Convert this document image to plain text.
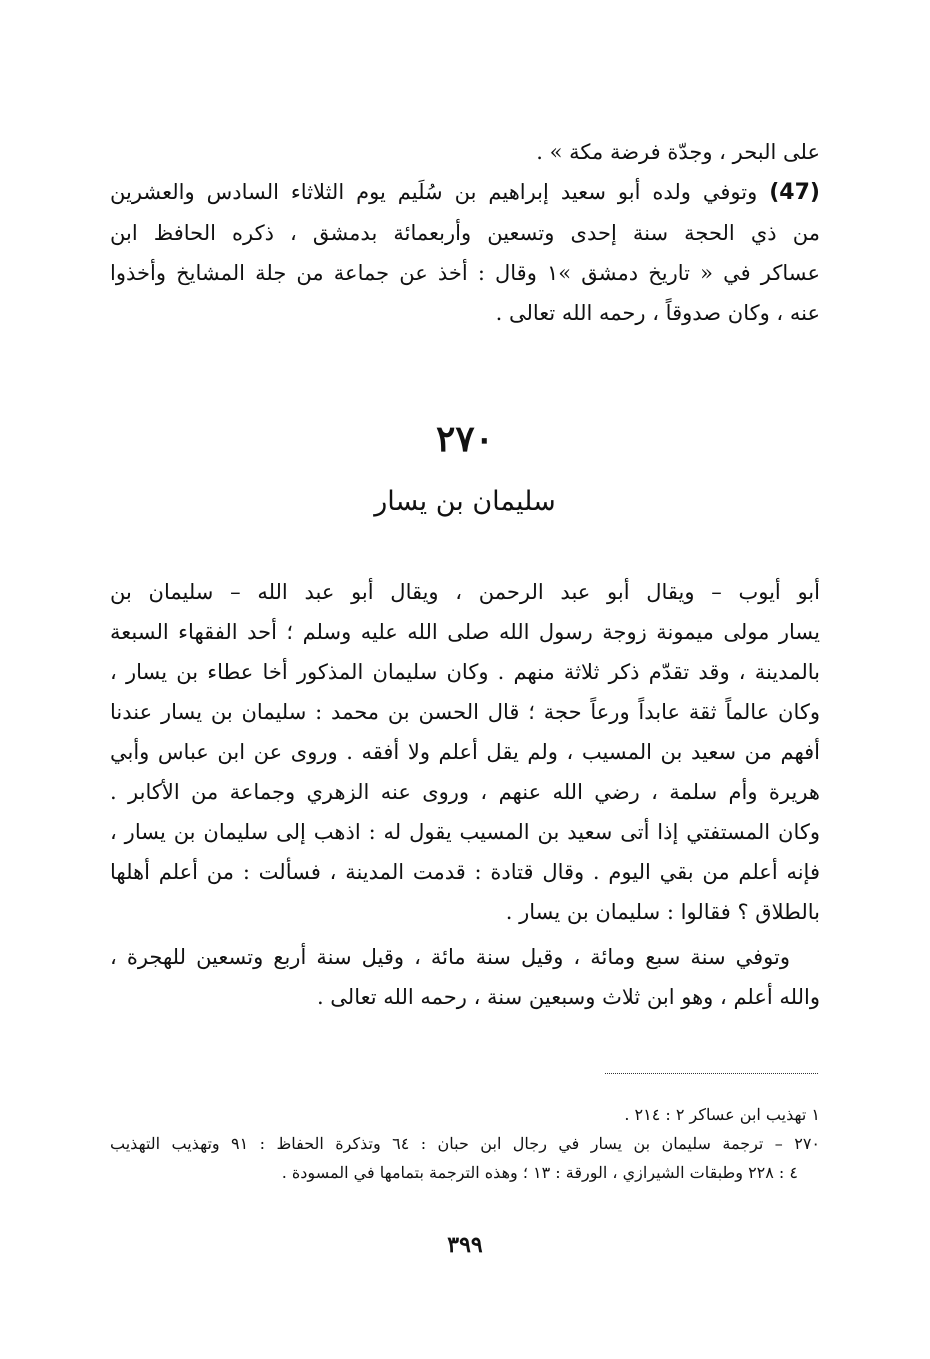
على البحر ، وجدّة فرضة مكة » .
(47) وتوفي ولده أبو سعيد إبراهيم بن سُلَيم يوم الثلاثاء السادس والعشرين
من ذي الحجة سنة إحدى وتسعين وأربعمائة بدمشق ، ذكره الحافظ ابن
عساكر في « تاريخ دمشق »١ وقال : أخذ عن جماعة من جلة المشايخ وأخذوا
عنه ، وكان صدوقاً ، رحمه الله تعالى .
٢٧٠
سليمان بن يسار
أبو أيوب – ويقال أبو عبد الرحمن ، ويقال أبو عبد الله – سليمان بن
يسار مولى ميمونة زوجة رسول الله صلى الله عليه وسلم ؛ أحد الفقهاء السبعة
بالمدينة ، وقد تقدّم ذكر ثلاثة منهم . وكان سليمان المذكور أخا عطاء بن يسار ،
وكان عالماً ثقة عابداً ورعاً حجة ؛ قال الحسن بن محمد : سليمان بن يسار عندنا
أفهم من سعيد بن المسيب ، ولم يقل أعلم ولا أفقه . وروى عن ابن عباس وأبي
هريرة وأم سلمة ، رضي الله عنهم ، وروى عنه الزهري وجماعة من الأكابر .
وكان المستفتي إذا أتى سعيد بن المسيب يقول له : اذهب إلى سليمان بن يسار ،
فإنه أعلم من بقي اليوم . وقال قتادة : قدمت المدينة ، فسألت : من أعلم أهلها
بالطلاق ؟ فقالوا : سليمان بن يسار .
وتوفي سنة سبع ومائة ، وقيل سنة مائة ، وقيل سنة أربع وتسعين للهجرة ،
والله أعلم ، وهو ابن ثلاث وسبعين سنة ، رحمه الله تعالى .
١ تهذيب ابن عساكر ٢ : ٢١٤ .
٢٧٠ – ترجمة سليمان بن يسار في رجال ابن حبان : ٦٤ وتذكرة الحفاظ : ٩١ وتهذيب التهذيب
٤ : ٢٢٨ وطبقات الشيرازي ، الورقة : ١٣ ؛ وهذه الترجمة بتمامها في المسودة .
٣٩٩
